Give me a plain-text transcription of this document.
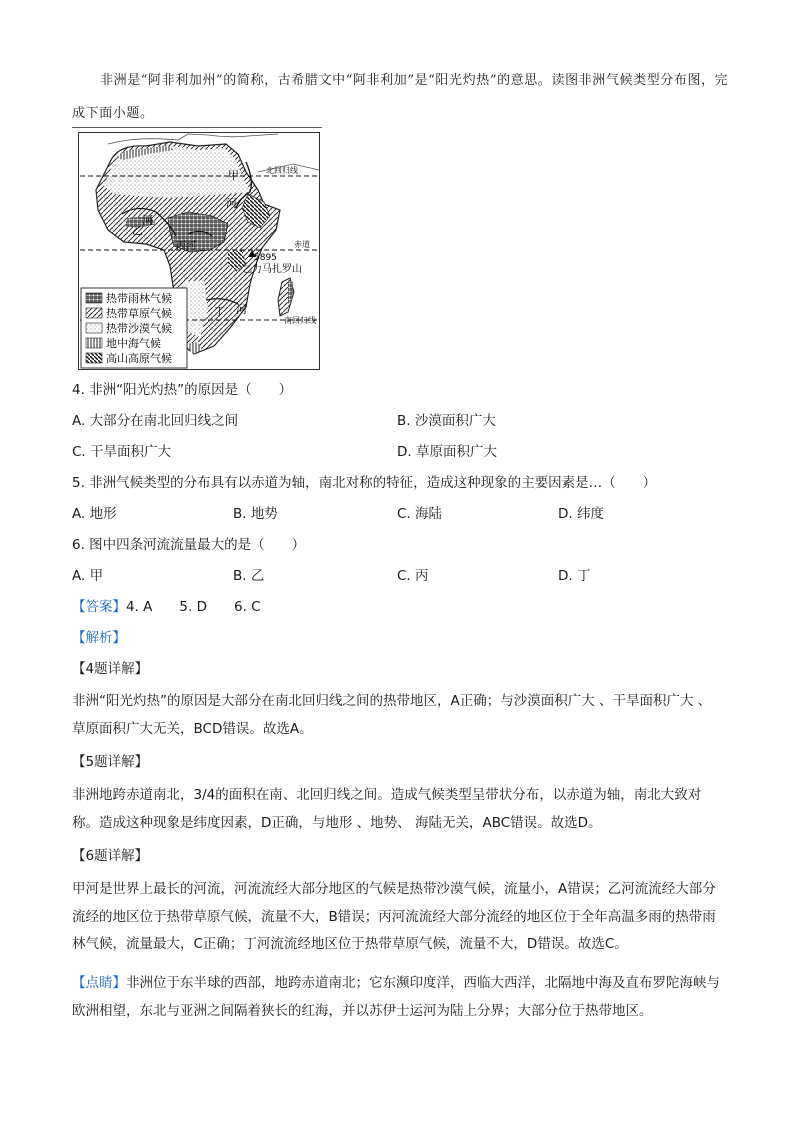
非洲是“阿非利加州”的简称，古希腊文中“阿非利加”是“阳光灼热”的意思。读图非洲气候类型分布图，完成下面小题。
北回归线
赤道
南回归线
甲
河
乙
河
丙河
丁 河
5895
乞力马扎罗山
热带雨林气候
热带草原气候
热带沙漠气候
地中海气候
高山高原气候
4. 非洲“阳光灼热”的原因是（　　）
A. 大部分在南北回归线之间	B. 沙漠面积广大
C. 干旱面积广大	D. 草原面积广大
5. 非洲气候类型的分布具有以赤道为轴，南北对称的特征，造成这种现象的主要因素是…（　　）
A. 地形	B. 地势	C. 海陆	D. 纬度
6. 图中四条河流流量最大的是（　　）
A. 甲	B. 乙	C. 丙	D. 丁
【答案】4. A　　5. D　　6. C
【解析】
【4题详解】
非洲“阳光灼热”的原因是大部分在南北回归线之间的热带地区，A正确；与沙漠面积广大 、干旱面积广大 、草原面积广大无关，BCD错误。故选A。
【5题详解】
非洲地跨赤道南北，3/4的面积在南、北回归线之间。造成气候类型呈带状分布，以赤道为轴，南北大致对称。造成这种现象是纬度因素，D正确，与地形 、地势、 海陆无关，ABC错误。故选D。
【6题详解】
甲河是世界上最长的河流，河流流经大部分地区的气候是热带沙漠气候，流量小，A错误；乙河流流经大部分流经的地区位于热带草原气候，流量不大，B错误；丙河流流经大部分流经的地区位于全年高温多雨的热带雨林气候，流量最大，C正确；丁河流流经地区位于热带草原气候，流量不大，D错误。故选C。
【点睛】非洲位于东半球的西部，地跨赤道南北；它东濒印度洋，西临大西洋，北隔地中海及直布罗陀海峡与欧洲相望，东北与亚洲之间隔着狭长的红海，并以苏伊士运河为陆上分界；大部分位于热带地区。
